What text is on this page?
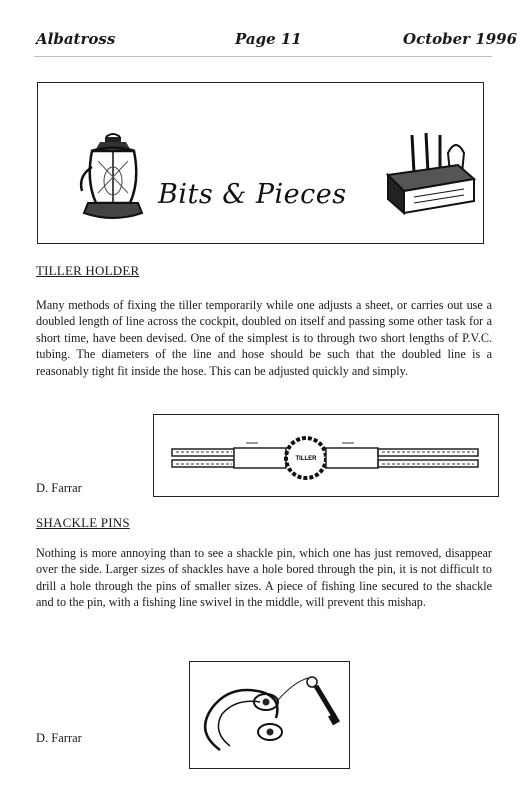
Albatross	Page 11	October 1996
Bits & Pieces
TILLER HOLDER

Many methods of fixing the tiller temporarily while one adjusts a sheet, or carries out use a doubled length of line across the cockpit, doubled on itself and passing some other task for a short time, have been devised. One of the simplest is to through two short lengths of P.V.C. tubing. The diameters of the line and hose should be such that the doubled line is a reasonably tight fit inside the hose. This can be adjusted quickly and simply.

TILLER
D. Farrar
SHACKLE PINS

Nothing is more annoying than to see a shackle pin, which one has just removed, disappear over the side. Larger sizes of shackles have a hole bored through the pin, it is not difficult to drill a hole through the pins of smaller sizes. A piece of fishing line secured to the shackle and to the pin, with a fishing line swivel in the middle, will prevent this mishap.

D. Farrar
